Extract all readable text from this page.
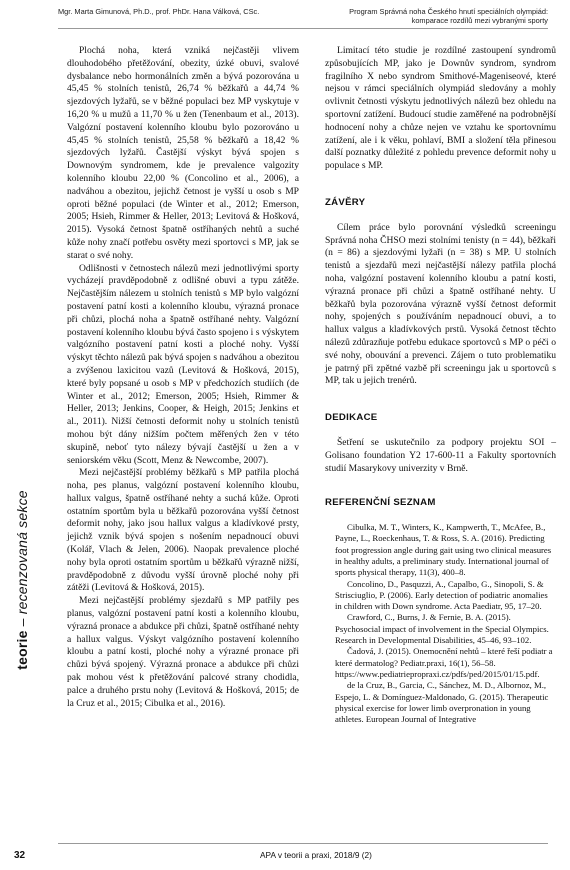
Mgr. Marta Gimunová, Ph.D., prof. PhDr. Hana Válková, CSc.	Program Správná noha Českého hnutí speciálních olympiád:
komparace rozdílů mezi vybranými sporty
teorie – recenzovaná sekce

Plochá noha, která vzniká nejčastěji vlivem dlouhodobého přetěžování, obezity, úzké obuvi, svalové dysbalance nebo hormonálních změn a bývá pozorována u 45,45 % stolních tenistů, 26,74 % běžkařů a 44,74 % sjezdových lyžařů, se v běžné populaci bez MP vyskytuje v 16,20 % u mužů a 11,70 % u žen (Tenenbaum et al., 2013). Valgózní postavení kolenního kloubu bylo pozorováno u 45,45 % stolních tenistů, 25,58 % běžkařů a 18,42 % sjezdových lyžařů. Častější výskyt bývá spojen s Downovým syndromem, kde je prevalence valgozity kolenního kloubu 22,00 % (Concolino et al., 2006), a nadváhou a obezitou, jejichž četnost je vyšší u osob s MP oproti běžné populaci (de Winter et al., 2012; Emerson, 2005; Hsieh, Rimmer & Heller, 2013; Levitová & Hošková, 2015). Vysoká četnost špatně ostříhaných nehtů a suché kůže nohy značí potřebu osvěty mezi sportovci s MP, jak se starat o své nohy.

Odlišnosti v četnostech nálezů mezi jednotlivými sporty vycházejí pravděpodobně z odlišné obuvi a typu zátěže. Nejčastějším nálezem u stolních tenistů s MP bylo valgózní postavení patní kosti a kolenního kloubu, výrazná pronace při chůzi, plochá noha a špatně ostříhané nehty. Valgózní postavení kolenního kloubu bývá často spojeno i s výskytem valgózního postavení patní kosti a ploché nohy. Vyšší výskyt těchto nálezů pak bývá spojen s nadváhou a obezitou a zvýšenou laxicitou vazů (Levitová & Hošková, 2015), které byly popsané u osob s MP v předchozích studiích (de Winter et al., 2012; Emerson, 2005; Hsieh, Rimmer & Heller, 2013; Jenkins, Cooper, & Heigh, 2015; Jenkins et al., 2011). Nižší četnosti deformit nohy u stolních tenistů mohou být dány nižším počtem měřených žen v této skupině, neboť tyto nálezy bývají častější u žen a v seniorském věku (Scott, Menz & Newcombe, 2007).

Mezi nejčastější problémy běžkařů s MP patřila plochá noha, pes planus, valgózní postavení kolenního kloubu, hallux valgus, špatně ostříhané nehty a suchá kůže. Oproti ostatním sportům byla u běžkařů pozorována vyšší četnost deformit nohy, jako jsou hallux valgus a kladívkové prsty, jejichž vznik bývá spojen s nošením nepadnoucí obuvi (Kolář, Vlach & Jelen, 2006). Naopak prevalence ploché nohy byla oproti ostatním sportům u běžkařů výrazně nižší, pravděpodobně z důvodu vyšší úrovně ploché nohy při zátěži (Levitová & Hošková, 2015).

Mezi nejčastější problémy sjezdařů s MP patřily pes planus, valgózní postavení patní kosti a kolenního kloubu, výrazná pronace a abdukce při chůzi, špatně ostříhané nehty a hallux valgus. Výskyt valgózního postavení kolenního kloubu a patní kosti, ploché nohy a výrazné pronace při chůzi bývá spojený. Výrazná pronace a abdukce při chůzi pak mohou vést k přetěžování palcové strany chodidla, palce a druhého prstu nohy (Levitová & Hošková, 2015; de la Cruz et al., 2015; Cibulka et al., 2016).

Limitací této studie je rozdílné zastoupení syndromů způsobujících MP, jako je Downův syndrom, syndrom fragilního X nebo syndrom Smithové-Mageniseové, které nejsou v rámci speciálních olympiád sledovány a mohly ovlivnit četnosti výskytu jednotlivých nálezů bez ohledu na sportovní zatížení. Budoucí studie zaměřené na podrobnější hodnocení nohy a chůze nejen ve vztahu ke sportovnímu zatížení, ale i k věku, pohlaví, BMI a složení těla přinesou další poznatky důležité z pohledu prevence deformit nohy u populace s MP.

ZÁVĚRY

Cílem práce bylo porovnání výsledků screeningu Správná noha ČHSO mezi stolními tenisty (n = 44), běžkaři (n = 86) a sjezdovými lyžaři (n = 38) s MP. U stolních tenistů a sjezdařů mezi nejčastější nálezy patřila plochá noha, valgózní postavení kolenního kloubu a patní kosti, výrazná pronace při chůzi a špatně ostříhané nehty. U běžkařů byla pozorována výrazně vyšší četnost deformit nohy, spojených s používáním nepadnoucí obuvi, a to hallux valgus a kladívkových prstů. Vysoká četnost těchto nálezů zdůrazňuje potřebu edukace sportovců s MP o péči o své nohy, obouvání a prevenci. Zájem o tuto problematiku je patrný při zpětné vazbě při screeningu jak u sportovců s MP, tak u jejich trenérů.

DEDIKACE

Šetření se uskutečnilo za podpory projektu SOI – Golisano foundation Y2 17-600-11 a Fakulty sportovních studií Masarykovy univerzity v Brně.

REFERENČNÍ SEZNAM

Cibulka, M. T., Winters, K., Kampwerth, T., McAfee, B., Payne, L., Roeckenhaus, T. & Ross, S. A. (2016). Predicting foot progression angle during gait using two clinical measures in healthy adults, a preliminary study. International journal of sports physical therapy, 11(3), 400–8.

Concolino, D., Pasquzzi, A., Capalbo, G., Sinopoli, S. & Strisciuglio, P. (2006). Early detection of podiatric anomalies in children with Down syndrome. Acta Paediatr, 95, 17–20.

Crawford, C., Burns, J. & Fernie, B. A. (2015). Psychosocial impact of involvement in the Special Olympics. Research in Developmental Disabilities, 45–46, 93–102.

Čadová, J. (2015). Onemocnění nehtů – které řeší podiatr a které dermatolog? Pediatr.praxi, 16(1), 56–58. https://www.pediatriepropraxi.cz/pdfs/ped/2015/01/15.pdf.

de la Cruz, B., Garcia, C., Sánchez, M. D., Albornoz, M., Espejo, L. & Domínguez-Maldonado, G. (2015). Therapeutic physical exercise for lower limb overpronation in young athletes. European Journal of Integrative

32	APA v teorii a praxi, 2018/9 (2)
